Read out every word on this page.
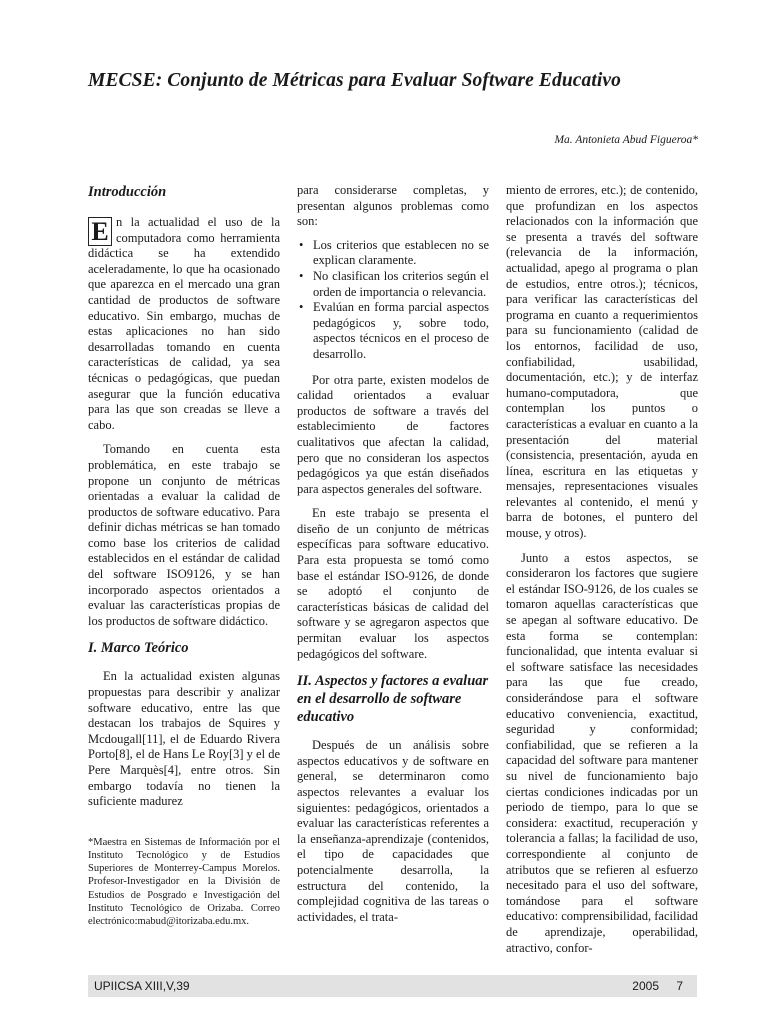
MECSE: Conjunto de Métricas para Evaluar Software Educativo
Ma. Antonieta Abud Figueroa*
Introducción

E n la actualidad el uso de la computadora como herramienta didáctica se ha extendido aceleradamente, lo que ha ocasionado que aparezca en el mercado una gran cantidad de productos de software educativo. Sin embargo, muchas de estas aplicaciones no han sido desarrolladas tomando en cuenta características de calidad, ya sea técnicas o pedagógicas, que puedan asegurar que la función educativa para las que son creadas se lleve a cabo.

Tomando en cuenta esta problemática, en este trabajo se propone un conjunto de métricas orientadas a evaluar la calidad de productos de software educativo. Para definir dichas métricas se han tomado como base los criterios de calidad establecidos en el estándar de calidad del software ISO9126, y se han incorporado aspectos orientados a evaluar las características propias de los productos de software didáctico.

I. Marco Teórico

En la actualidad existen algunas propuestas para describir y analizar software educativo, entre las que destacan los trabajos de Squires y Mcdougall[11], el de Eduardo Rivera Porto[8], el de Hans Le Roy[3] y el de Pere Marquès[4], entre otros. Sin embargo todavía no tienen la suficiente madurez

*Maestra en Sistemas de Información por el Instituto Tecnológico y de Estudios Superiores de Monterrey-Campus Morelos. Profesor-Investigador en la División de Estudios de Posgrado e Investigación del Instituto Tecnológico de Orizaba. Correo electrónico:mabud@itorizaba.edu.mx.

para considerarse completas, y presentan algunos problemas como son:

• Los criterios que establecen no se explican claramente.
• No clasifican los criterios según el orden de importancia o relevancia.
• Evalúan en forma parcial aspectos pedagógicos y, sobre todo, aspectos técnicos en el proceso de desarrollo.

Por otra parte, existen modelos de calidad orientados a evaluar productos de software a través del establecimiento de factores cualitativos que afectan la calidad, pero que no consideran los aspectos pedagógicos ya que están diseñados para aspectos generales del software.

En este trabajo se presenta el diseño de un conjunto de métricas específicas para software educativo. Para esta propuesta se tomó como base el estándar ISO-9126, de donde se adoptó el conjunto de características básicas de calidad del software y se agregaron aspectos que permitan evaluar los aspectos pedagógicos del software.

II. Aspectos y factores a evaluar en el desarrollo de software educativo

Después de un análisis sobre aspectos educativos y de software en general, se determinaron como aspectos relevantes a evaluar los siguientes: pedagógicos, orientados a evaluar las características referentes a la enseñanza-aprendizaje (contenidos, el tipo de capacidades que potencialmente desarrolla, la estructura del contenido, la complejidad cognitiva de las tareas o actividades, el trata-

miento de errores, etc.); de contenido, que profundizan en los aspectos relacionados con la información que se presenta a través del software (relevancia de la información, actualidad, apego al programa o plan de estudios, entre otros.); técnicos, para verificar las características del programa en cuanto a requerimientos para su funcionamiento (calidad de los entornos, facilidad de uso, confiabilidad, usabilidad, documentación, etc.); y de interfaz humano-computadora, que contemplan los puntos o características a evaluar en cuanto a la presentación del material (consistencia, presentación, ayuda en línea, escritura en las etiquetas y mensajes, representaciones visuales relevantes al contenido, el menú y barra de botones, el puntero del mouse, y otros).

Junto a estos aspectos, se consideraron los factores que sugiere el estándar ISO-9126, de los cuales se tomaron aquellas características que se apegan al software educativo. De esta forma se contemplan: funcionalidad, que intenta evaluar si el software satisface las necesidades para las que fue creado, considerándose para el software educativo conveniencia, exactitud, seguridad y conformidad; confiabilidad, que se refieren a la capacidad del software para mantener su nivel de funcionamiento bajo ciertas condiciones indicadas por un periodo de tiempo, para lo que se considera: exactitud, recuperación y tolerancia a fallas; la facilidad de uso, correspondiente al conjunto de atributos que se refieren al esfuerzo necesitado para el uso del software, tomándose para el software educativo: comprensibilidad, facilidad de aprendizaje, operabilidad, atractivo, confor-

UPIICSA XIII,V,39	2005 7
